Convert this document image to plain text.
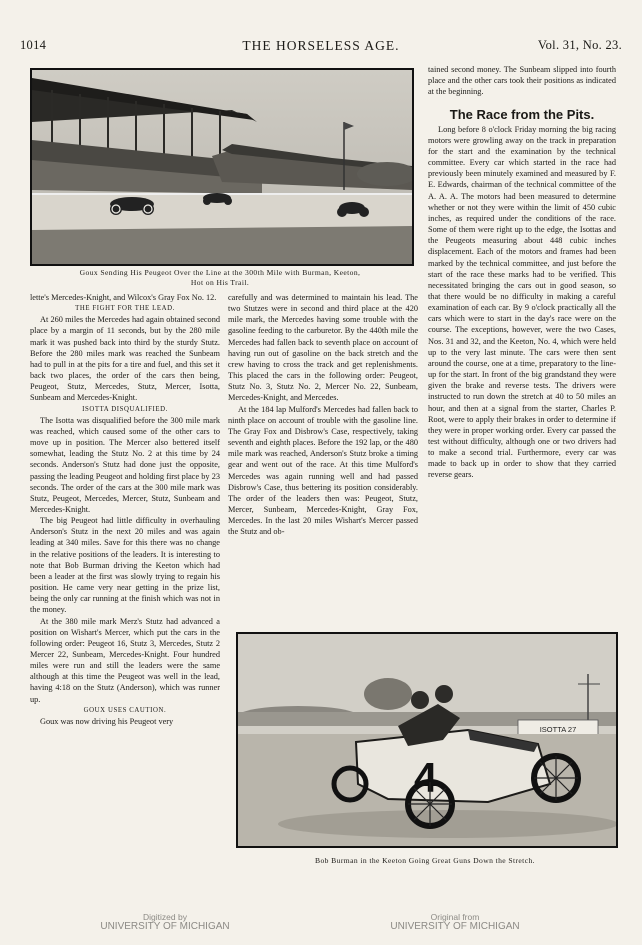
1014	THE HORSELESS AGE.	Vol. 31, No. 23.
Goux Sending His Peugeot Over the Line at the 300th Mile with Burman, Keeton,
Hot on His Trail.

lette's Mercedes-Knight, and Wilcox's Gray Fox No. 12.

THE FIGHT FOR THE LEAD.

At 260 miles the Mercedes had again obtained second place by a margin of 11 seconds, but by the 280 mile mark it was pushed back into third by the sturdy Stutz. Before the 280 miles mark was reached the Sunbeam had to pull in at the pits for a tire and fuel, and this set it back two places, the order of the cars then being, Peugeot, Stutz, Mercedes, Stutz, Mercer, Isotta, Sunbeam and Mercedes-Knight.

ISOTTA DISQUALIFIED.

The Isotta was disqualified before the 300 mile mark was reached, which caused some of the other cars to move up in position. The Mercer also bettered itself somewhat, leading the Stutz No. 2 at this time by 24 seconds. Anderson's Stutz had done just the opposite, passing the leading Peugeot and holding first place by 23 seconds. The order of the cars at the 300 mile mark was Stutz, Peugeot, Mercedes, Mercer, Stutz, Sunbeam and Mercedes-Knight.

The big Peugeot had little difficulty in overhauling Anderson's Stutz in the next 20 miles and was again leading at 340 miles. Save for this there was no change in the relative positions of the leaders. It is interesting to note that Bob Burman driving the Keeton which had been a leader at the first was slowly trying to regain his position. He came very near getting in the prize list, being the only car running at the finish which was not in the money.

At the 380 mile mark Merz's Stutz had advanced a position on Wishart's Mercer, which put the cars in the following order: Peugeot 16, Stutz 3, Mercedes, Stutz 2 Mercer 22, Sunbeam, Mercedes-Knight. Four hundred miles were run and still the leaders were the same although at this time the Peugeot was well in the lead, having 4:18 on the Stutz (Anderson), which was runner up.

GOUX USES CAUTION.

Goux was now driving his Peugeot very

carefully and was determined to maintain his lead. The two Stutzes were in second and third place at the 420 mile mark, the Mercedes having some trouble with the gasoline feeding to the carburetor. By the 440th mile the Mercedes had fallen back to seventh place on account of having run out of gasoline on the back stretch and the crew having to cross the track and get replenishments. This placed the cars in the following order: Peugeot, Stutz No. 3, Stutz No. 2, Mercer No. 22, Sunbeam, Mercedes-Knight, and Mercedes.

At the 184 lap Mulford's Mercedes had fallen back to ninth place on account of trouble with the gasoline line. The Gray Fox and Disbrow's Case, respectively, taking seventh and eighth places. Before the 192 lap, or the 480 mile mark was reached, Anderson's Stutz broke a timing gear and went out of the race. At this time Mulford's Mercedes was again running well and had passed Disbrow's Case, thus bettering its position considerably. The order of the leaders then was: Peugeot, Stutz, Mercer, Sunbeam, Mercedes-Knight, Gray Fox, Mercedes. In the last 20 miles Wishart's Mercer passed the Stutz and ob-

tained second money. The Sunbeam slipped into fourth place and the other cars took their positions as indicated at the beginning.

The Race from the Pits.

Long before 8 o'clock Friday morning the big racing motors were growling away on the track in preparation for the start and the examination by the technical committee. Every car which started in the race had previously been minutely examined and measured by F. E. Edwards, chairman of the technical committee of the A. A. A. The motors had been measured to determine whether or not they were within the limit of 450 cubic inches, as required under the conditions of the race. Some of them were right up to the edge, the Isottas and the Peugeots measuring about 448 cubic inches displacement. Each of the motors and frames had been marked by the technical committee, and just before the start of the race these marks had to be verified. This necessitated bringing the cars out in good season, so that there would be no difficulty in making a careful examination of each car. By 9 o'clock practically all the cars which were to start in the day's race were on the course. The exceptions, however, were the two Cases, Nos. 31 and 32, and the Keeton, No. 4, which were held up to the very last minute. The cars were then sent around the course, one at a time, preparatory to the line-up for the start. In front of the big grandstand they were given the brake and reverse tests. The drivers were instructed to run down the stretch at 40 to 50 miles an hour, and then at a signal from the starter, Charles P. Root, were to apply their brakes in order to determine if they were in proper working order. Every car passed the test without difficulty, although one or two drivers had to make a second trial. Furthermore, every car was made to back up in order to show that they carried reverse gears.

ISOTTA 27
4
Bob Burman in the Keeton Going Great Guns Down the Stretch.
Digitized by
UNIVERSITY OF MICHIGAN
Original from
UNIVERSITY OF MICHIGAN
